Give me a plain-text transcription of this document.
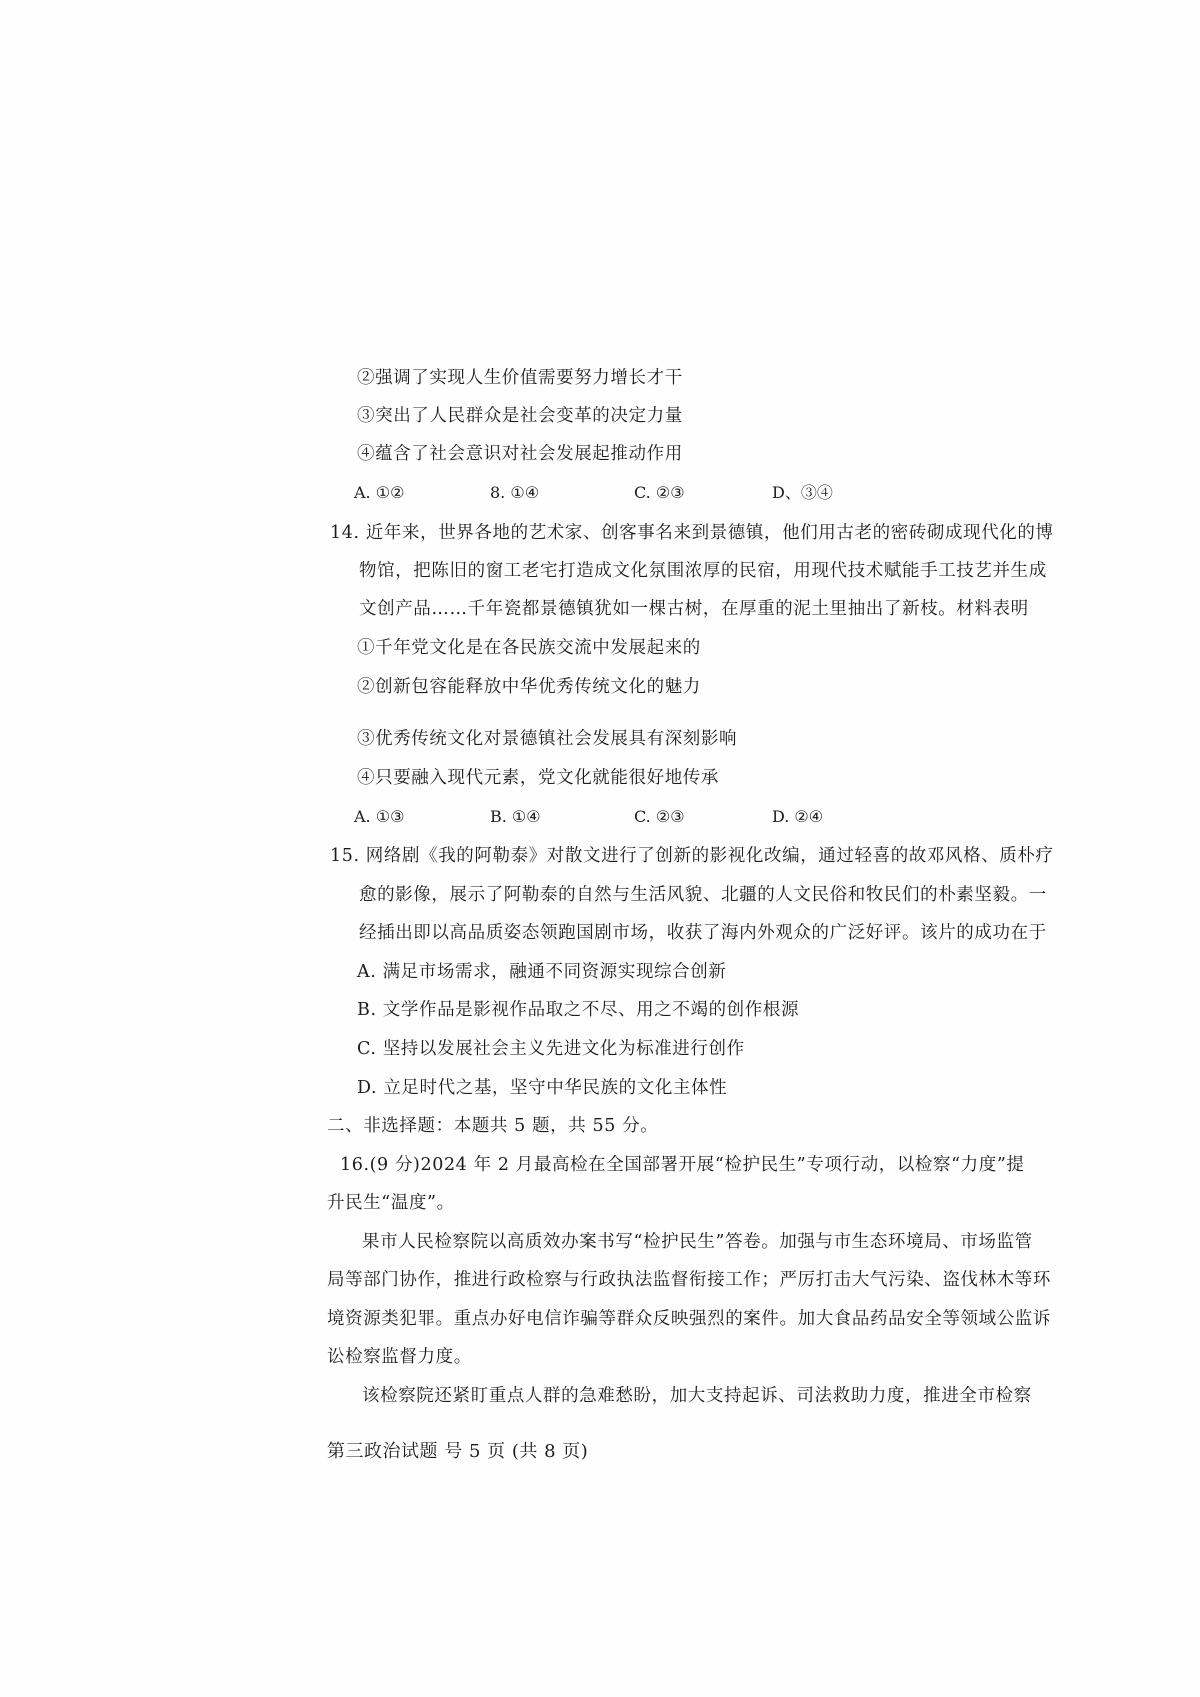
②强调了实现人生价值需要努力增长才干
③突出了人民群众是社会变革的决定力量
④蕴含了社会意识对社会发展起推动作用
A. ①②	8. ①④	C. ②③	D、③④
14. 近年来，世界各地的艺术家、创客事名来到景德镇，他们用古老的密砖砌成现代化的博
物馆，把陈旧的窗工老宅打造成文化氛围浓厚的民宿，用现代技术赋能手工技艺并生成
文创产品……千年瓷都景德镇犹如一棵古树，在厚重的泥土里抽出了新枝。材料表明
①千年党文化是在各民族交流中发展起来的
②创新包容能释放中华优秀传统文化的魅力
③优秀传统文化对景德镇社会发展具有深刻影响
④只要融入现代元素，党文化就能很好地传承
A. ①③	B. ①④	C. ②③	D. ②④
15. 网络剧《我的阿勒泰》对散文进行了创新的影视化改编，通过轻喜的故邓风格、质朴疗
愈的影像，展示了阿勒泰的自然与生活风貌、北疆的人文民俗和牧民们的朴素坚毅。一
经插出即以高品质姿态领跑国剧市场，收获了海内外观众的广泛好评。该片的成功在于
A. 满足市场需求，融通不同资源实现综合创新
B. 文学作品是影视作品取之不尽、用之不竭的创作根源
C. 坚持以发展社会主义先进文化为标准进行创作
D. 立足时代之基，坚守中华民族的文化主体性
二、非选择题：本题共 5 题，共 55 分。
16.(9 分)2024 年 2 月最高检在全国部署开展“检护民生”专项行动，以检察“力度”提
升民生“温度”。
果市人民检察院以高质效办案书写“检护民生”答卷。加强与市生态环境局、市场监管
局等部门协作，推进行政检察与行政执法监督衔接工作；严厉打击大气污染、盗伐林木等环
境资源类犯罪。重点办好电信诈骗等群众反映强烈的案件。加大食品药品安全等领域公监诉
讼检察监督力度。
该检察院还紧盯重点人群的急难愁盼，加大支持起诉、司法救助力度，推进全市检察
第三政治试题 号 5 页 (共 8 页)
